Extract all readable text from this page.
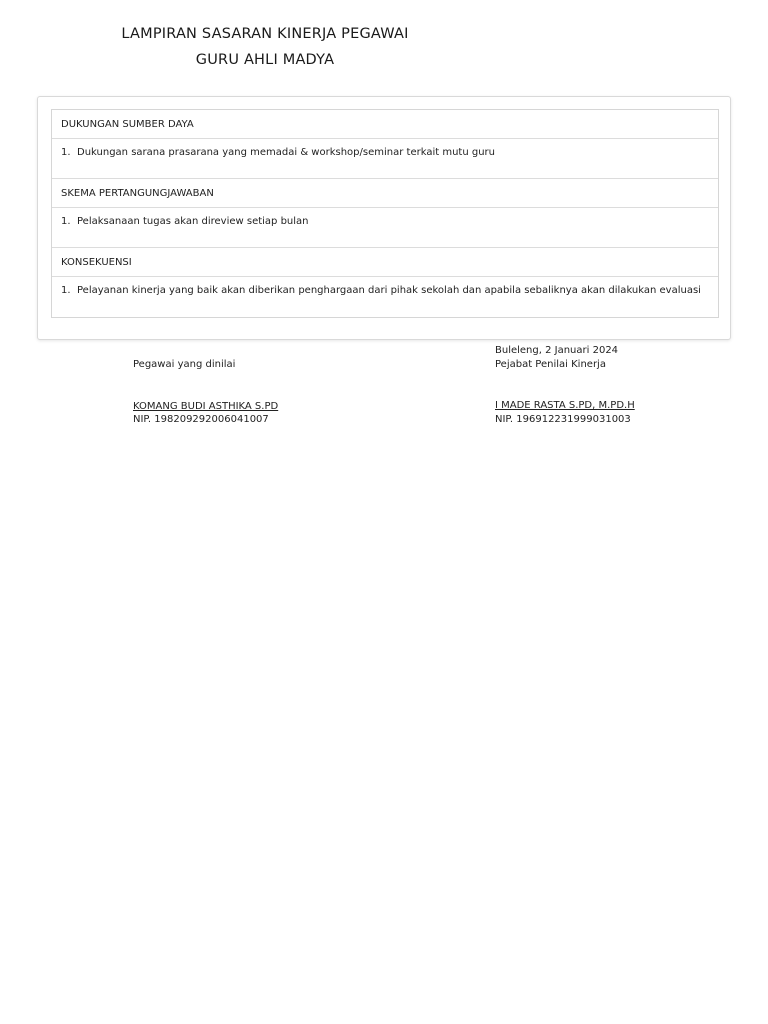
LAMPIRAN SASARAN KINERJA PEGAWAI
GURU AHLI MADYA
DUKUNGAN SUMBER DAYA
1. Dukungan sarana prasarana yang memadai & workshop/seminar terkait mutu guru
SKEMA PERTANGUNGJAWABAN
1. Pelaksanaan tugas akan direview setiap bulan
KONSEKUENSI
1. Pelayanan kinerja yang baik akan diberikan penghargaan dari pihak sekolah dan apabila sebaliknya akan dilakukan evaluasi
Pegawai yang dinilai
KOMANG BUDI ASTHIKA S.PD
NIP. 198209292006041007
Buleleng, 2 Januari 2024
Pejabat Penilai Kinerja
I MADE RASTA S.PD, M.PD.H
NIP. 196912231999031003
